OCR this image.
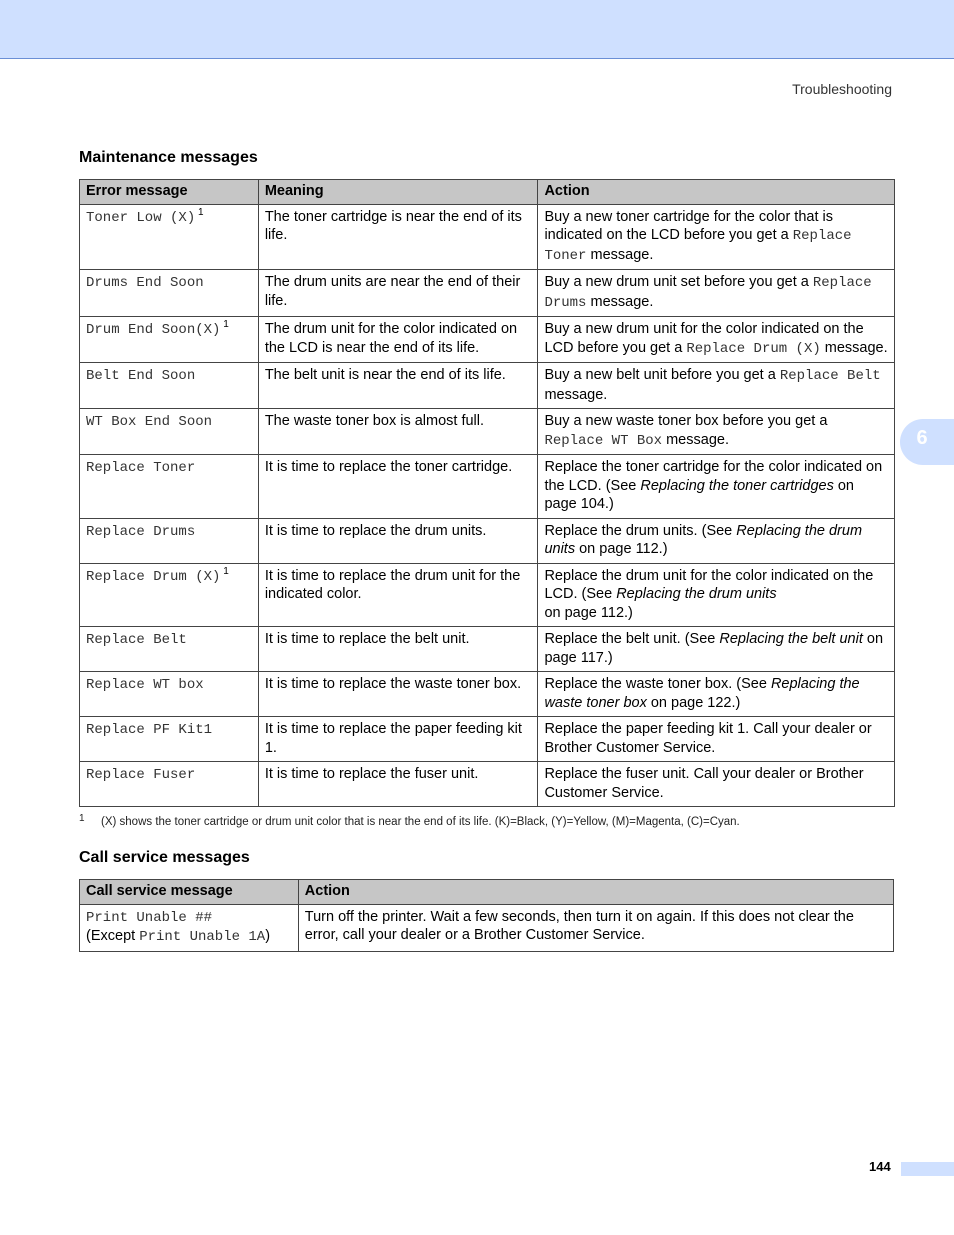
Troubleshooting
6
Maintenance messages
Error message	Meaning	Action
Toner Low (X) $^1$	The toner cartridge is near the end of its life.	Buy a new toner cartridge for the color that is indicated on the LCD before you get a Replace Toner message.
Drums End Soon	The drum units are near the end of their life.	Buy a new drum unit set before you get a Replace Drums message.
Drum End Soon(X) $^1$	The drum unit for the color indicated on the LCD is near the end of its life.	Buy a new drum unit for the color indicated on the LCD before you get a Replace Drum (X) message.
Belt End Soon	The belt unit is near the end of its life.	Buy a new belt unit before you get a Replace Belt message.
WT Box End Soon	The waste toner box is almost full.	Buy a new waste toner box before you get a Replace WT Box message.
Replace Toner	It is time to replace the toner cartridge.	Replace the toner cartridge for the color indicated on the LCD. (See Replacing the toner cartridges on page 104.)
Replace Drums	It is time to replace the drum units.	Replace the drum units. (See Replacing the drum units on page 112.)
Replace Drum (X) $^1$	It is time to replace the drum unit for the indicated color.	Replace the drum unit for the color indicated on the LCD. (See Replacing the drum units
on page 112.)
Replace Belt	It is time to replace the belt unit.	Replace the belt unit. (See Replacing the belt unit on page 117.)
Replace WT box	It is time to replace the waste toner box.	Replace the waste toner box. (See Replacing the waste toner box on page 122.)
Replace PF Kit1	It is time to replace the paper feeding kit 1.	Replace the paper feeding kit 1. Call your dealer or Brother Customer Service.
Replace Fuser	It is time to replace the fuser unit.	Replace the fuser unit. Call your dealer or Brother Customer Service.
1 (X) shows the toner cartridge or drum unit color that is near the end of its life. (K)=Black, (Y)=Yellow, (M)=Magenta, (C)=Cyan.
Call service messages
Call service message	Action
Print Unable ##
(Except Print Unable 1A)	Turn off the printer. Wait a few seconds, then turn it on again. If this does not clear the error, call your dealer or a Brother Customer Service.
144
